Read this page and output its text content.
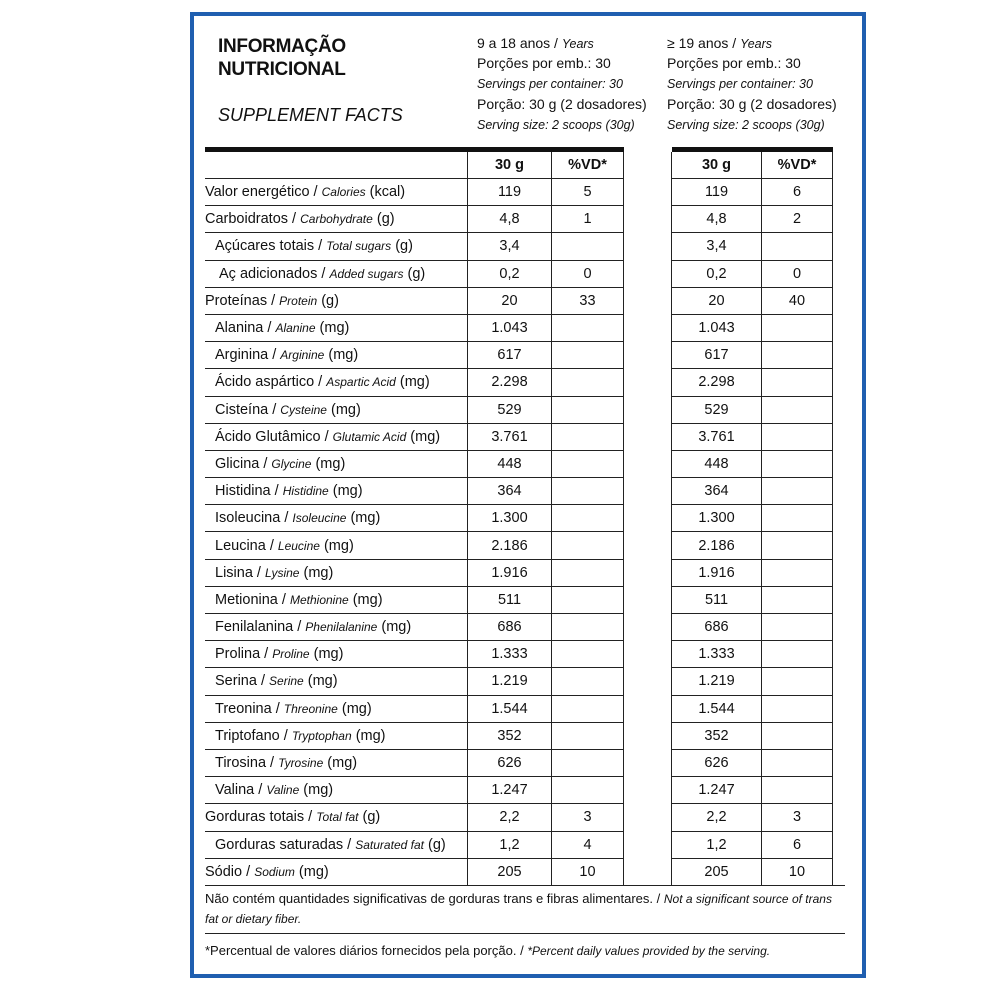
INFORMAÇÃO
NUTRICIONAL
SUPPLEMENT FACTS
9 a 18 anos / Years
Porções por emb.: 30
Servings per container: 30
Porção: 30 g (2 dosadores)
Serving size: 2 scoops (30g)
≥ 19 anos / Years
Porções por emb.: 30
Servings per container: 30
Porção: 30 g (2 dosadores)
Serving size: 2 scoops (30g)
	30 g	%VD*		30 g	%VD*
Valor energético / Calories (kcal)	119	5		119	6
Carboidratos / Carbohydrate (g)	4,8	1		4,8	2
Açúcares totais / Total sugars (g)	3,4			3,4	
Aç adicionados / Added sugars (g)	0,2	0		0,2	0
Proteínas / Protein (g)	20	33		20	40
Alanina / Alanine (mg)	1.043			1.043	
Arginina / Arginine (mg)	617			617	
Ácido aspártico / Aspartic Acid (mg)	2.298			2.298	
Cisteína / Cysteine (mg)	529			529	
Ácido Glutâmico / Glutamic Acid (mg)	3.761			3.761	
Glicina / Glycine (mg)	448			448	
Histidina / Histidine (mg)	364			364	
Isoleucina / Isoleucine (mg)	1.300			1.300	
Leucina / Leucine (mg)	2.186			2.186	
Lisina / Lysine (mg)	1.916			1.916	
Metionina / Methionine (mg)	511			511	
Fenilalanina / Phenilalanine (mg)	686			686	
Prolina / Proline (mg)	1.333			1.333	
Serina / Serine (mg)	1.219			1.219	
Treonina / Threonine (mg)	1.544			1.544	
Triptofano / Tryptophan (mg)	352			352	
Tirosina / Tyrosine (mg)	626			626	
Valina / Valine (mg)	1.247			1.247	
Gorduras totais / Total fat (g)	2,2	3		2,2	3
Gorduras saturadas / Saturated fat (g)	1,2	4		1,2	6
Sódio / Sodium (mg)	205	10		205	10
Não contém quantidades significativas de gorduras trans e fibras alimentares. / Not a significant source of trans fat or dietary fiber.
*Percentual de valores diários fornecidos pela porção. / *Percent daily values provided by the serving.
